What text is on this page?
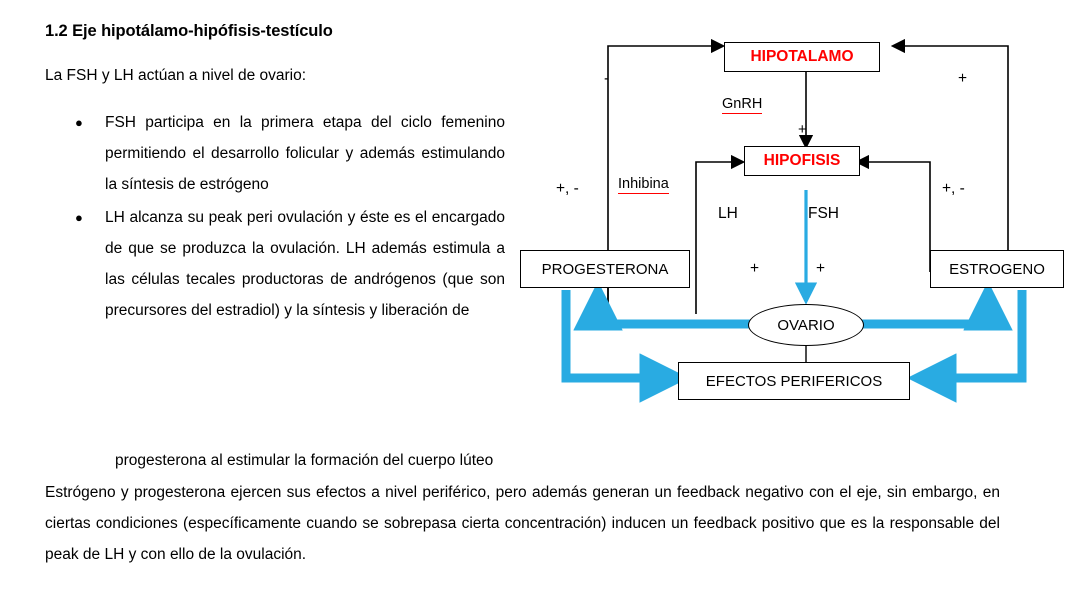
1.2 Eje hipotálamo-hipófisis-testículo

La FSH y LH actúan a nivel de ovario:

● FSH participa en la primera etapa del ciclo femenino permitiendo el desarrollo folicular y además estimulando la síntesis de estrógeno
● LH alcanza su peak peri ovulación y éste es el encargado de que se produzca la ovulación. LH además estimula a las células tecales productoras de andrógenos (que son precursores del estradiol) y la síntesis y liberación de
progesterona al estimular la formación del cuerpo lúteo
Estrógeno y progesterona ejercen sus efectos a nivel periférico, pero además generan un feedback negativo con el eje, sin embargo, en ciertas condiciones (específicamente cuando se sobrepasa cierta concentración) inducen un feedback positivo que es la responsable del peak de LH y con ello de la ovulación.
HIPOTALAMO
HIPOFISIS
PROGESTERONA	ESTROGENO
OVARIO
EFECTOS PERIFERICOS
GnRH
+
Inhibina
LH	FSH
-	+
+, -	+, -
+	+
